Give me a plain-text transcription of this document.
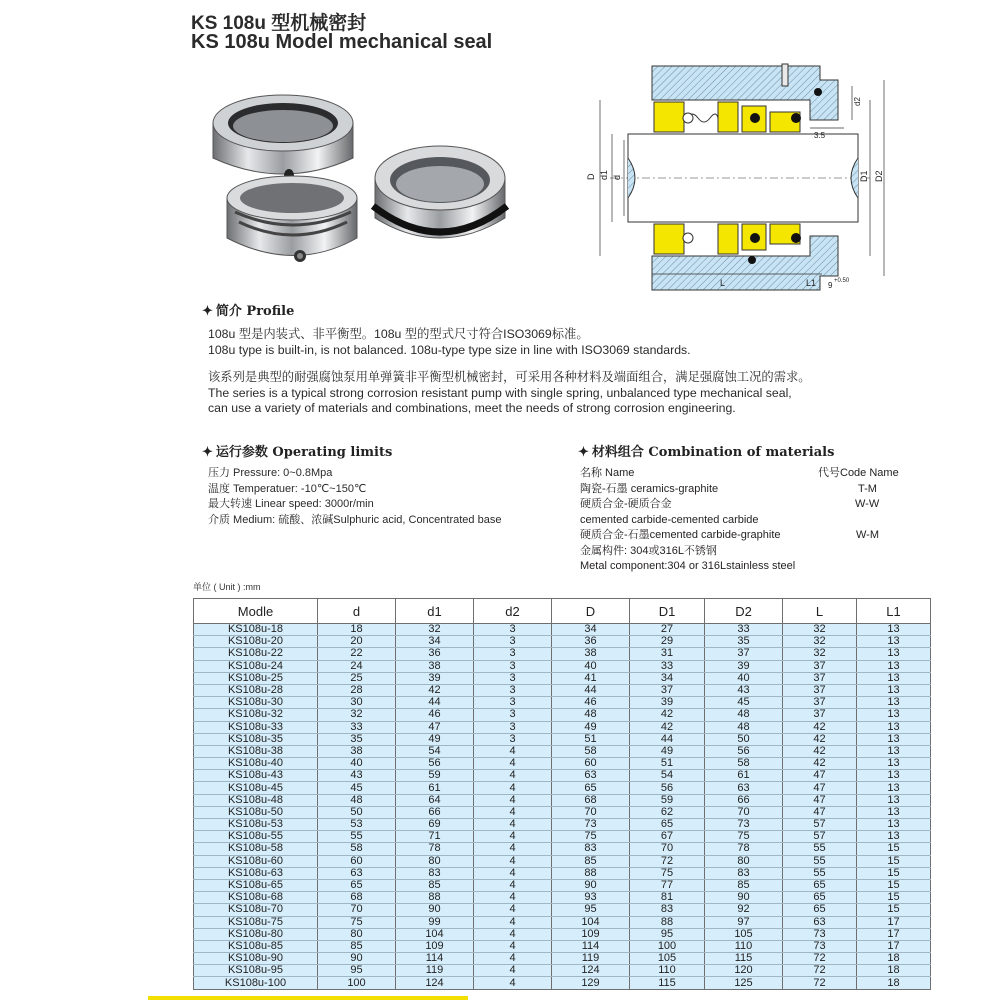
KS 108u 型机械密封
KS 108u Model mechanical seal
D d1 d
d2
D1 D2
3.5
L	L1 9 +0.50
✦ 简介 Profile
108u 型是内装式、非平衡型。108u 型的型式尺寸符合ISO3069标准。
108u type is built-in, is not balanced. 108u-type type size in line with ISO3069 standards.
该系列是典型的耐强腐蚀泵用单弹簧非平衡型机械密封，可采用各种材料及端面组合，满足强腐蚀工况的需求。
The series is a typical strong corrosion resistant pump with single spring, unbalanced type mechanical seal,
can use a variety of materials and combinations, meet the needs of strong corrosion engineering.
✦ 运行参数 Operating limits
压力 Pressure: 0~0.8Mpa
温度 Temperatuer: -10℃~150℃
最大转速 Linear speed: 3000r/min
介质 Medium: 硫酸、浓碱Sulphuric acid, Concentrated base
✦ 材料组合 Combination of materials
名称 Name	代号Code Name
陶瓷-石墨 ceramics-graphite	T-M
硬质合金-硬质合金	W-W
cemented carbide-cemented carbide
硬质合金-石墨cemented carbide-graphite	W-M
金属构件: 304或316L不锈钢
Metal component:304 or 316Lstainless steel
单位 ( Unit ) :mm
Modle	d	d1	d2	D	D1	D2	L	L1
KS108u-18	18	32	3	34	27	33	32	13
KS108u-20	20	34	3	36	29	35	32	13
KS108u-22	22	36	3	38	31	37	32	13
KS108u-24	24	38	3	40	33	39	37	13
KS108u-25	25	39	3	41	34	40	37	13
KS108u-28	28	42	3	44	37	43	37	13
KS108u-30	30	44	3	46	39	45	37	13
KS108u-32	32	46	3	48	42	48	37	13
KS108u-33	33	47	3	49	42	48	42	13
KS108u-35	35	49	3	51	44	50	42	13
KS108u-38	38	54	4	58	49	56	42	13
KS108u-40	40	56	4	60	51	58	42	13
KS108u-43	43	59	4	63	54	61	47	13
KS108u-45	45	61	4	65	56	63	47	13
KS108u-48	48	64	4	68	59	66	47	13
KS108u-50	50	66	4	70	62	70	47	13
KS108u-53	53	69	4	73	65	73	57	13
KS108u-55	55	71	4	75	67	75	57	13
KS108u-58	58	78	4	83	70	78	55	15
KS108u-60	60	80	4	85	72	80	55	15
KS108u-63	63	83	4	88	75	83	55	15
KS108u-65	65	85	4	90	77	85	65	15
KS108u-68	68	88	4	93	81	90	65	15
KS108u-70	70	90	4	95	83	92	65	15
KS108u-75	75	99	4	104	88	97	63	17
KS108u-80	80	104	4	109	95	105	73	17
KS108u-85	85	109	4	114	100	110	73	17
KS108u-90	90	114	4	119	105	115	72	18
KS108u-95	95	119	4	124	110	120	72	18
KS108u-100	100	124	4	129	115	125	72	18
